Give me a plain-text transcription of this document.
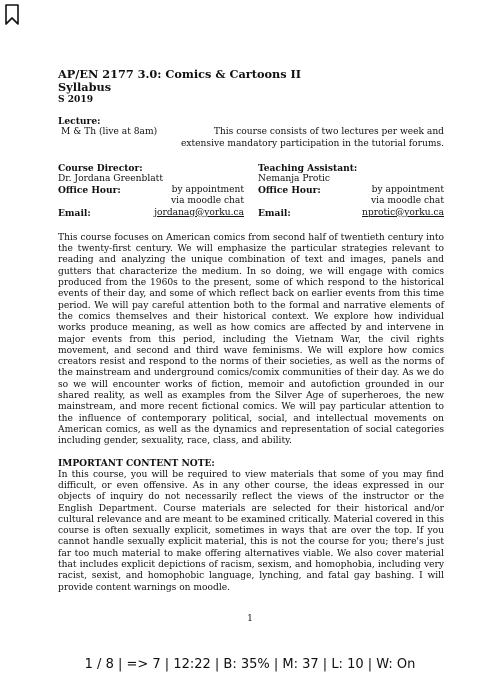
AP/EN 2177 3.0: Comics & Cartoons II
Syllabus
S 2019
Lecture:
M & Th (live at 8am)	This course consists of two lectures per week and
extensive mandatory participation in the tutorial forums.
Course Director:
Dr. Jordana Greenblatt
Office Hour:	by appointment
via moodle chat
Email:	jordanag@yorku.ca
Teaching Assistant:
Nemanja Protic
Office Hour:	by appointment
via moodle chat
Email:	nprotic@yorku.ca
This course focuses on American comics from second half of twentieth century into the twenty-first century. We will emphasize the particular strategies relevant to reading and analyzing the unique combination of text and images, panels and gutters that characterize the medium. In so doing, we will engage with comics produced from the 1960s to the present, some of which respond to the historical events of their day, and some of which reflect back on earlier events from this time period. We will pay careful attention both to the formal and narrative elements of the comics themselves and their historical context. We explore how individual works produce meaning, as well as how comics are affected by and intervene in major events from this period, including the Vietnam War, the civil rights movement, and second and third wave feminisms. We will explore how comics creators resist and respond to the norms of their societies, as well as the norms of the mainstream and underground comics/comix communities of their day. As we do so we will encounter works of fiction, memoir and autofiction grounded in our shared reality, as well as examples from the Silver Age of superheroes, the new mainstream, and more recent fictional comics. We will pay particular attention to the influence of contemporary political, social, and intellectual movements on American comics, as well as the dynamics and representation of social categories including gender, sexuality, race, class, and ability.
IMPORTANT CONTENT NOTE:
In this course, you will be required to view materials that some of you may find difficult, or even offensive. As in any other course, the ideas expressed in our objects of inquiry do not necessarily reflect the views of the instructor or the English Department. Course materials are selected for their historical and/or cultural relevance and are meant to be examined critically. Material covered in this course is often sexually explicit, sometimes in ways that are over the top. If you cannot handle sexually explicit material, this is not the course for you; there's just far too much material to make offering alternatives viable. We also cover material that includes explicit depictions of racism, sexism, and homophobia, including very racist, sexist, and homophobic language, lynching, and fatal gay bashing. I will provide content warnings on moodle.
1
1 / 8 | => 7 | 12:22 | B: 35% | M: 37 | L: 10 | W: On
